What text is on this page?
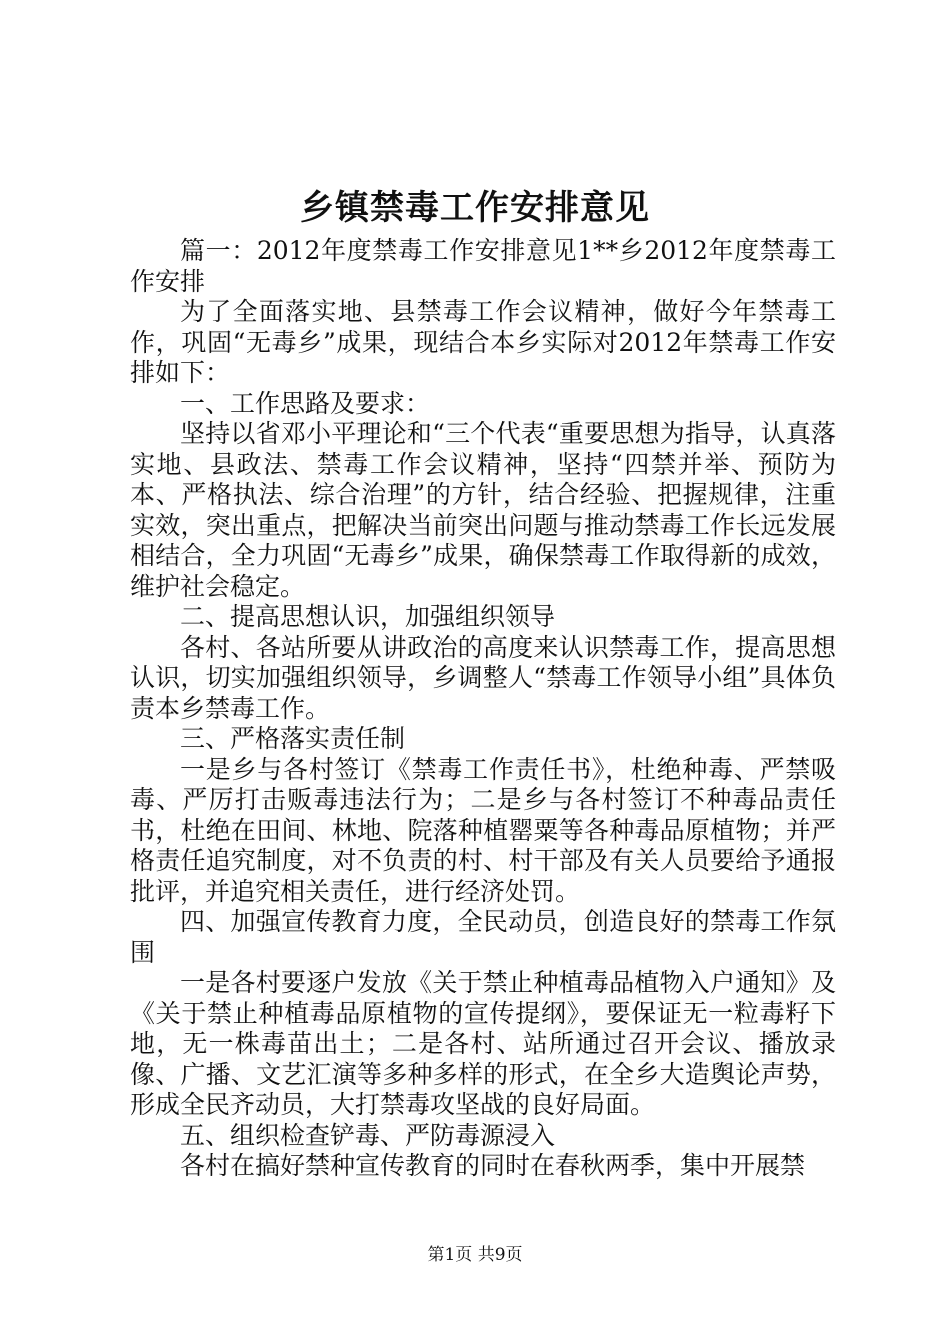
乡镇禁毒工作安排意见

篇一：2012年度禁毒工作安排意见1**乡2012年度禁毒工作安排

为了全面落实地、县禁毒工作会议精神，做好今年禁毒工作，巩固“无毒乡”成果，现结合本乡实际对2012年禁毒工作安排如下：

一、工作思路及要求：

坚持以省邓小平理论和“三个代表“重要思想为指导，认真落实地、县政法、禁毒工作会议精神，坚持“四禁并举、预防为本、严格执法、综合治理”的方针，结合经验、把握规律，注重实效，突出重点，把解决当前突出问题与推动禁毒工作长远发展相结合，全力巩固“无毒乡”成果，确保禁毒工作取得新的成效，维护社会稳定。

二、提高思想认识，加强组织领导

各村、各站所要从讲政治的高度来认识禁毒工作，提高思想认识，切实加强组织领导，乡调整人“禁毒工作领导小组”具体负责本乡禁毒工作。

三、严格落实责任制

一是乡与各村签订《禁毒工作责任书》，杜绝种毒、严禁吸毒、严厉打击贩毒违法行为；二是乡与各村签订不种毒品责任书，杜绝在田间、林地、院落种植罂粟等各种毒品原植物；并严格责任追究制度，对不负责的村、村干部及有关人员要给予通报批评，并追究相关责任，进行经济处罚。

四、加强宣传教育力度，全民动员，创造良好的禁毒工作氛围

一是各村要逐户发放《关于禁止种植毒品植物入户通知》及《关于禁止种植毒品原植物的宣传提纲》，要保证无一粒毒籽下地，无一株毒苗出土；二是各村、站所通过召开会议、播放录像、广播、文艺汇演等多种多样的形式，在全乡大造舆论声势，形成全民齐动员，大打禁毒攻坚战的良好局面。

五、组织检查铲毒、严防毒源浸入

各村在搞好禁种宣传教育的同时在春秋两季，集中开展禁

第1页 共9页
